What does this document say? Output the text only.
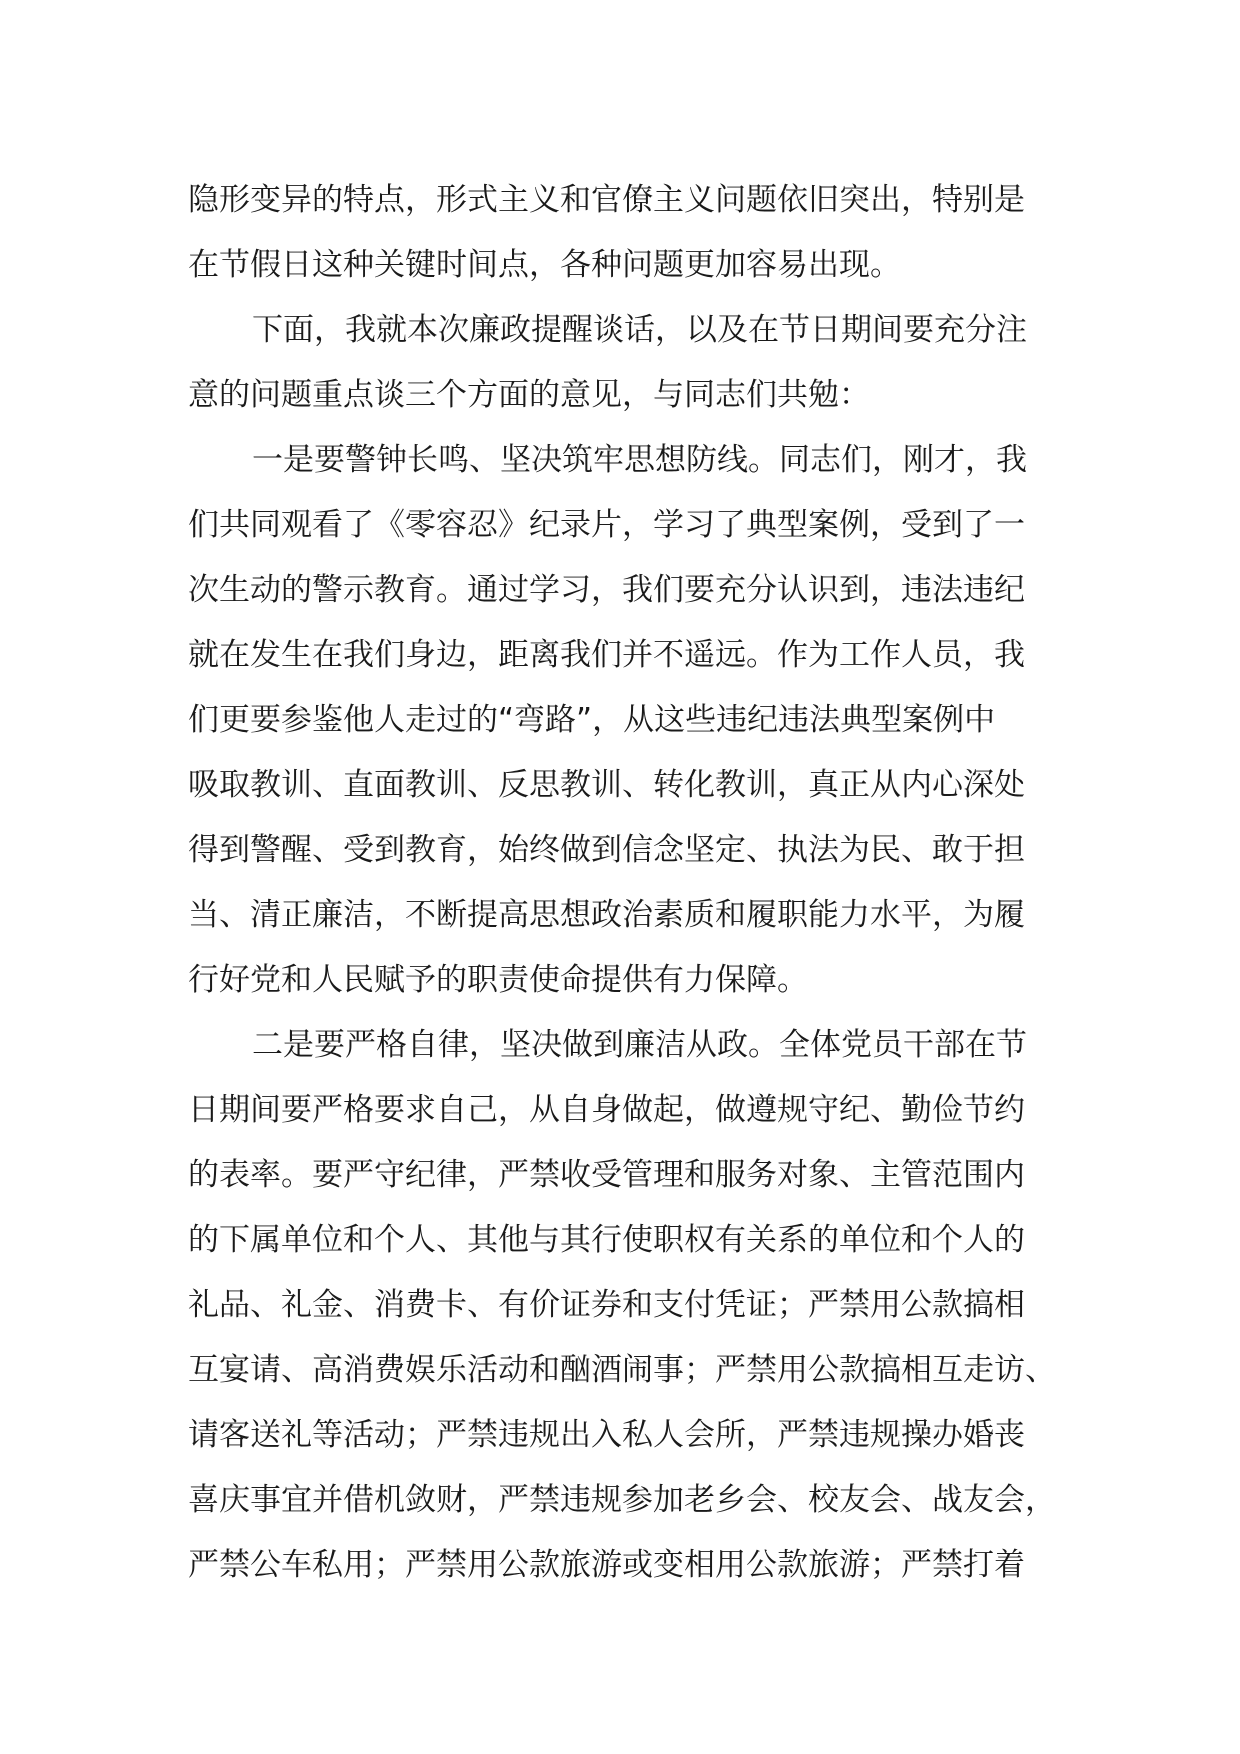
隐形变异的特点，形式主义和官僚主义问题依旧突出，特别是
在节假日这种关键时间点，各种问题更加容易出现。
下面，我就本次廉政提醒谈话，以及在节日期间要充分注
意的问题重点谈三个方面的意见，与同志们共勉：
一是要警钟长鸣、坚决筑牢思想防线。同志们，刚才，我
们共同观看了《零容忍》纪录片，学习了典型案例，受到了一
次生动的警示教育。通过学习，我们要充分认识到，违法违纪
就在发生在我们身边，距离我们并不遥远。作为工作人员，我
们更要参鉴他人走过的“弯路”，从这些违纪违法典型案例中
吸取教训、直面教训、反思教训、转化教训，真正从内心深处
得到警醒、受到教育，始终做到信念坚定、执法为民、敢于担
当、清正廉洁，不断提高思想政治素质和履职能力水平，为履
行好党和人民赋予的职责使命提供有力保障。
二是要严格自律，坚决做到廉洁从政。全体党员干部在节
日期间要严格要求自己，从自身做起，做遵规守纪、勤俭节约
的表率。要严守纪律，严禁收受管理和服务对象、主管范围内
的下属单位和个人、其他与其行使职权有关系的单位和个人的
礼品、礼金、消费卡、有价证券和支付凭证；严禁用公款搞相
互宴请、高消费娱乐活动和酗酒闹事；严禁用公款搞相互走访、
请客送礼等活动；严禁违规出入私人会所，严禁违规操办婚丧
喜庆事宜并借机敛财，严禁违规参加老乡会、校友会、战友会，
严禁公车私用；严禁用公款旅游或变相用公款旅游；严禁打着
